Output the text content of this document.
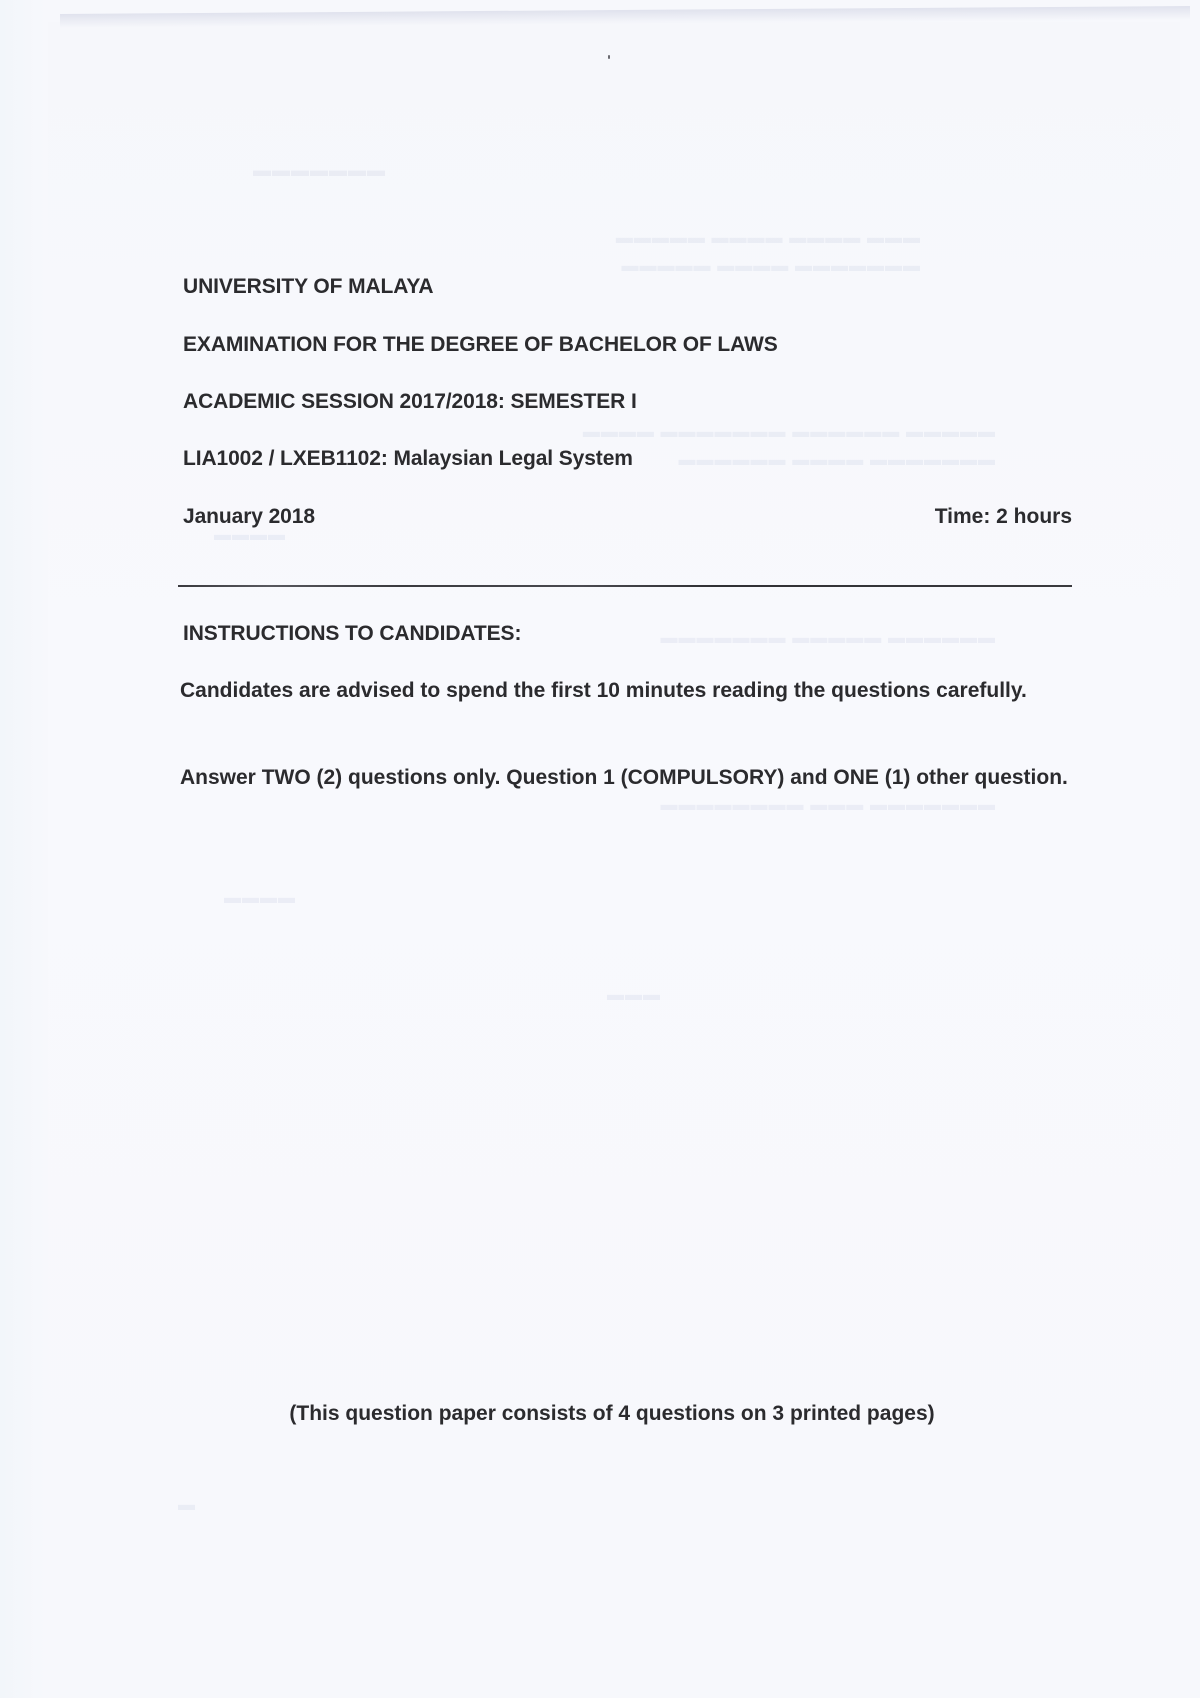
UNIVERSITY OF MALAYA
EXAMINATION FOR THE DEGREE OF BACHELOR OF LAWS
ACADEMIC SESSION 2017/2018: SEMESTER I
LIA1002 / LXEB1102: Malaysian Legal System
January 2018	Time: 2 hours
INSTRUCTIONS TO CANDIDATES:
Candidates are advised to spend the first 10 minutes reading the questions carefully.
Answer TWO (2) questions only. Question 1 (COMPULSORY) and ONE (1) other question.
(This question paper consists of 4 questions on 3 printed pages)
